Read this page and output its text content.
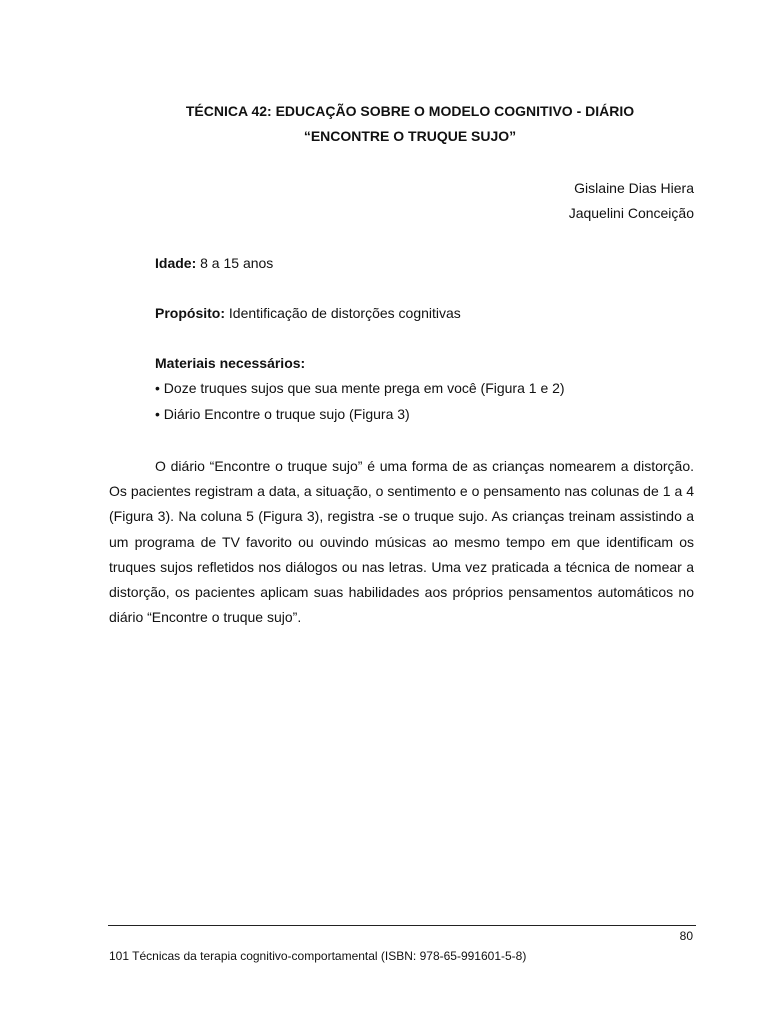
TÉCNICA 42: EDUCAÇÃO SOBRE O MODELO COGNITIVO - DIÁRIO
“ENCONTRE O TRUQUE SUJO”
Gislaine Dias Hiera
Jaquelini Conceição
Idade: 8 a 15 anos
Propósito: Identificação de distorções cognitivas
Materiais necessários:
• Doze truques sujos que sua mente prega em você (Figura 1 e 2)
• Diário Encontre o truque sujo (Figura 3)
O diário “Encontre o truque sujo” é uma forma de as crianças nomearem a distorção. Os pacientes registram a data, a situação, o sentimento e o pensamento nas colunas de 1 a 4 (Figura 3). Na coluna 5 (Figura 3), registra -se o truque sujo. As crianças treinam assistindo a um programa de TV favorito ou ouvindo músicas ao mesmo tempo em que identificam os truques sujos refletidos nos diálogos ou nas letras. Uma vez praticada a técnica de nomear a distorção, os pacientes aplicam suas habilidades aos próprios pensamentos automáticos no diário “Encontre o truque sujo”.
80
101 Técnicas da terapia cognitivo-comportamental (ISBN: 978-65-991601-5-8)
